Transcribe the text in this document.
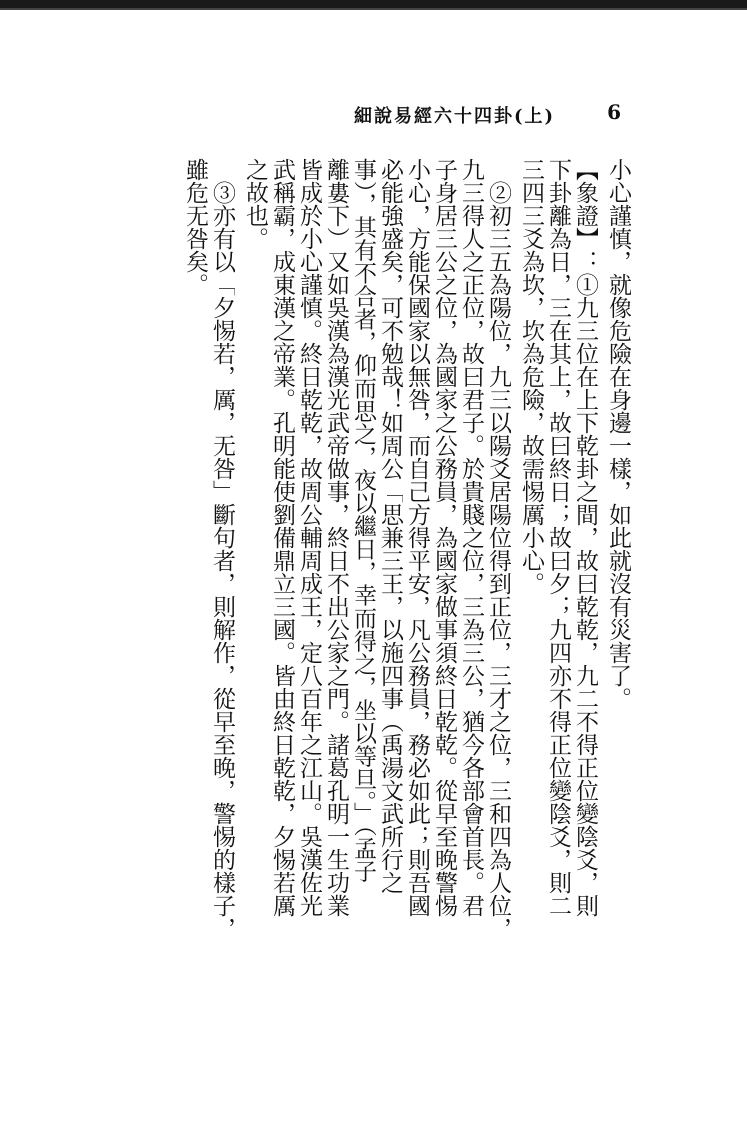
細說易經六十四卦(上)	6
小心謹慎，就像危險在身邊一樣，如此就沒有災害了。
【象證】：①九三位在上下乾卦之間，故曰乾乾，九二不得正位變陰爻，則
下卦離為日，三在其上，故曰終日；故曰夕；九四亦不得正位變陰爻，則二
三四三爻為坎，坎為危險，故需惕厲小心。
　②初三五為陽位，九三以陽爻居陽位得到正位，三才之位，三和四為人位，
九三得人之正位，故曰君子。於貴賤之位，三為三公，猶今各部會首長。君
子身居三公之位，為國家之公務員，為國家做事須終日乾乾。從早至晚警惕
小心，方能保國家以無咎，而自己方得平安，凡公務員，務必如此；則吾國
必能強盛矣，可不勉哉！如周公「思兼三王，以施四事（禹湯文武所行之
事），其有不合者，仰而思之，夜以繼日，幸而得之，坐以等旦。」（孟子
離婁下）又如吳漢為漢光武帝做事，終日不出公家之門。諸葛孔明一生功業
皆成於小心謹慎。終日乾乾，故周公輔周成王，定八百年之江山。吳漢佐光
武稱霸，成東漢之帝業。孔明能使劉備鼎立三國。皆由終日乾乾，夕惕若厲
之故也。
　③亦有以「夕惕若，厲，无咎」斷句者，則解作，從早至晚，警惕的樣子，
雖危无咎矣。
